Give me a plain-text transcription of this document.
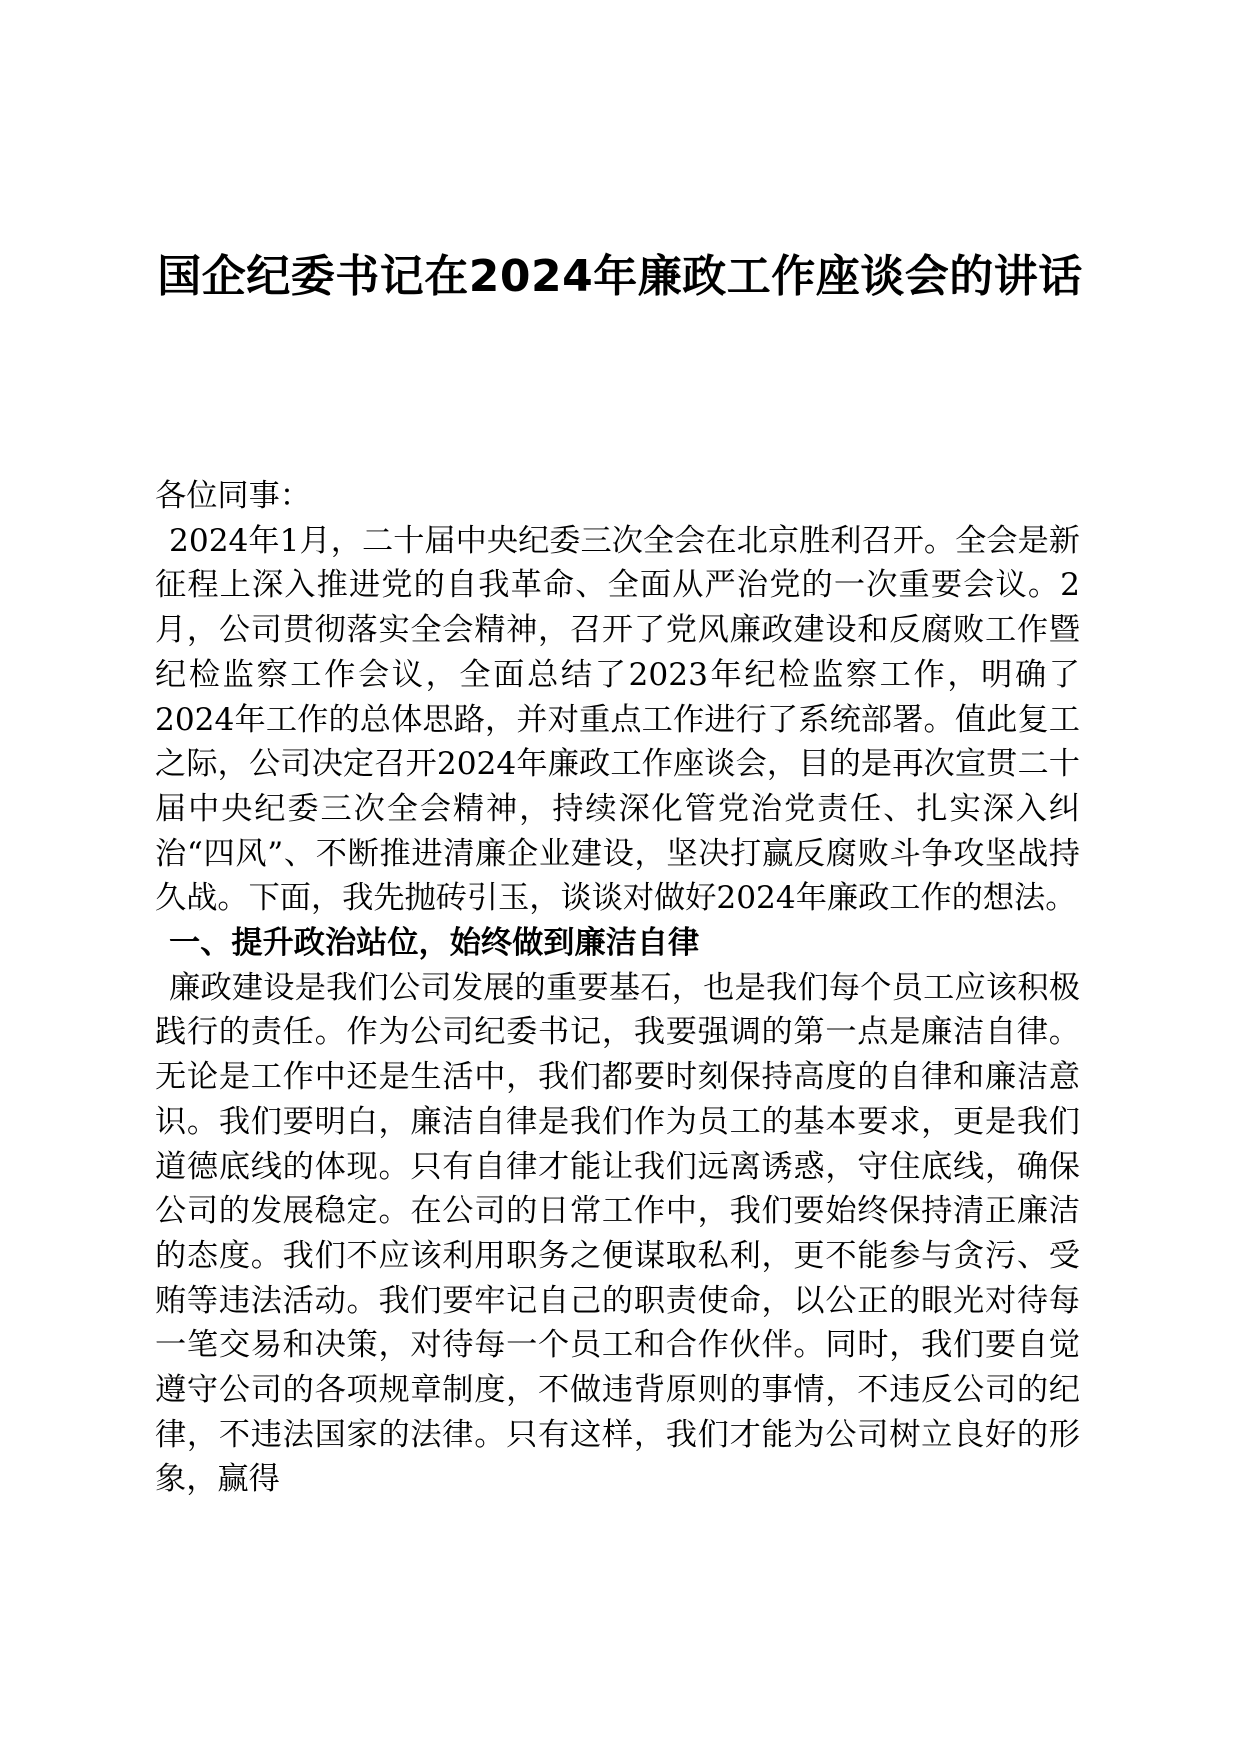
国企纪委书记在2024年廉政工作座谈会的讲话

各位同事：

2024年1月，二十届中央纪委三次全会在北京胜利召开。全会是新征程上深入推进党的自我革命、全面从严治党的一次重要会议。2月，公司贯彻落实全会精神，召开了党风廉政建设和反腐败工作暨纪检监察工作会议，全面总结了2023年纪检监察工作，明确了2024年工作的总体思路，并对重点工作进行了系统部署。值此复工之际，公司决定召开2024年廉政工作座谈会，目的是再次宣贯二十届中央纪委三次全会精神，持续深化管党治党责任、扎实深入纠治“四风”、不断推进清廉企业建设，坚决打赢反腐败斗争攻坚战持久战。下面，我先抛砖引玉，谈谈对做好2024年廉政工作的想法。

一、提升政治站位，始终做到廉洁自律

廉政建设是我们公司发展的重要基石，也是我们每个员工应该积极践行的责任。作为公司纪委书记，我要强调的第一点是廉洁自律。无论是工作中还是生活中，我们都要时刻保持高度的自律和廉洁意识。我们要明白，廉洁自律是我们作为员工的基本要求，更是我们道德底线的体现。只有自律才能让我们远离诱惑，守住底线，确保公司的发展稳定。在公司的日常工作中，我们要始终保持清正廉洁的态度。我们不应该利用职务之便谋取私利，更不能参与贪污、受贿等违法活动。我们要牢记自己的职责使命，以公正的眼光对待每一笔交易和决策，对待每一个员工和合作伙伴。同时，我们要自觉遵守公司的各项规章制度，不做违背原则的事情，不违反公司的纪律，不违法国家的法律。只有这样，我们才能为公司树立良好的形象，赢得
